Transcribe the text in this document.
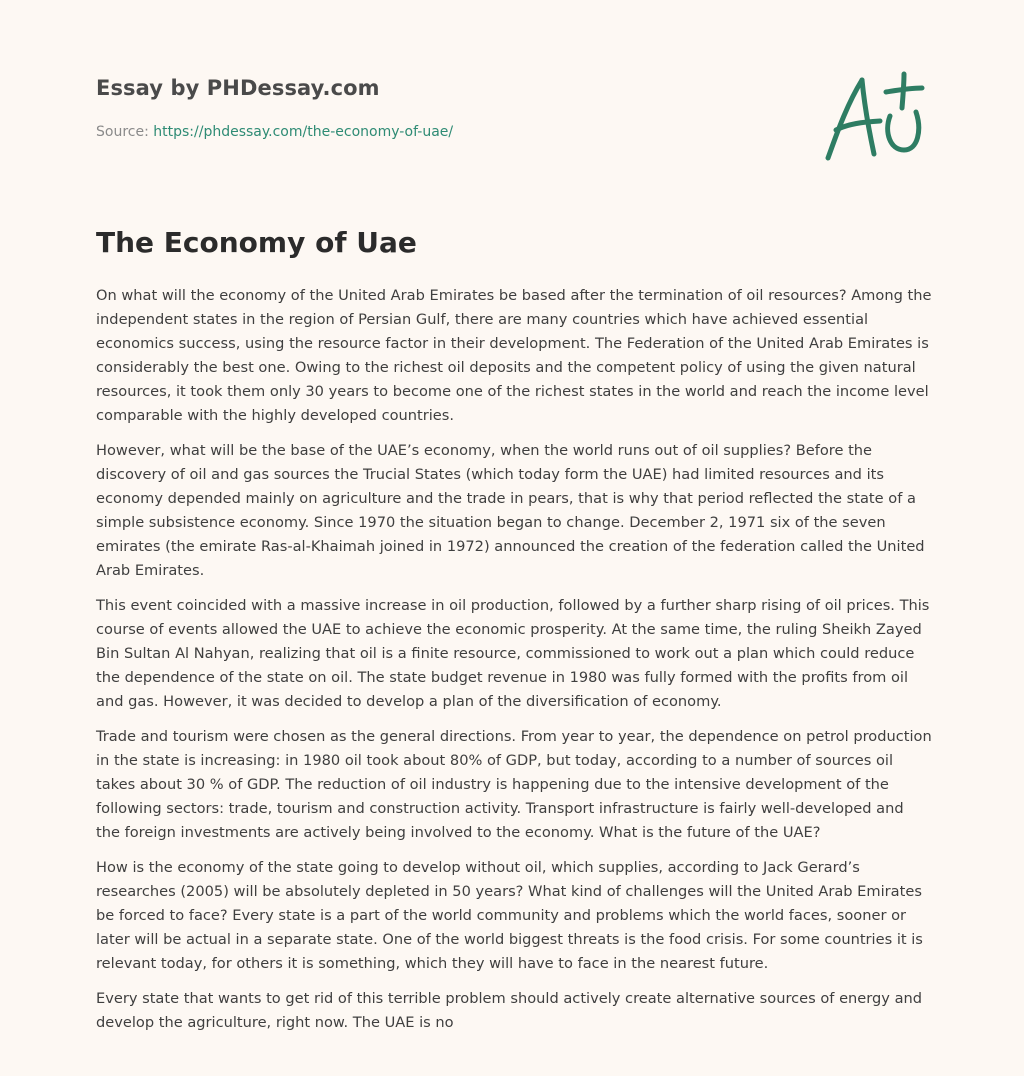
Essay by PHDessay.com
Source: https://phdessay.com/the-economy-of-uae/
The Economy of Uae

On what will the economy of the United Arab Emirates be based after the termination of oil resources? Among the independent states in the region of Persian Gulf, there are many countries which have achieved essential economics success, using the resource factor in their development. The Federation of the United Arab Emirates is considerably the best one. Owing to the richest oil deposits and the competent policy of using the given natural resources, it took them only 30 years to become one of the richest states in the world and reach the income level comparable with the highly developed countries.

However, what will be the base of the UAE’s economy, when the world runs out of oil supplies? Before the discovery of oil and gas sources the Trucial States (which today form the UAE) had limited resources and its economy depended mainly on agriculture and the trade in pears, that is why that period reflected the state of a simple subsistence economy. Since 1970 the situation began to change. December 2, 1971 six of the seven emirates (the emirate Ras-al-Khaimah joined in 1972) announced the creation of the federation called the United Arab Emirates.

This event coincided with a massive increase in oil production, followed by a further sharp rising of oil prices. This course of events allowed the UAE to achieve the economic prosperity. At the same time, the ruling Sheikh Zayed Bin Sultan Al Nahyan, realizing that oil is a finite resource, commissioned to work out a plan which could reduce the dependence of the state on oil. The state budget revenue in 1980 was fully formed with the profits from oil and gas. However, it was decided to develop a plan of the diversification of economy.

Trade and tourism were chosen as the general directions. From year to year, the dependence on petrol production in the state is increasing: in 1980 oil took about 80% of GDP, but today, according to a number of sources oil takes about 30 % of GDP. The reduction of oil industry is happening due to the intensive development of the following sectors: trade, tourism and construction activity. Transport infrastructure is fairly well-developed and the foreign investments are actively being involved to the economy. What is the future of the UAE?

How is the economy of the state going to develop without oil, which supplies, according to Jack Gerard’s researches (2005) will be absolutely depleted in 50 years? What kind of challenges will the United Arab Emirates be forced to face? Every state is a part of the world community and problems which the world faces, sooner or later will be actual in a separate state. One of the world biggest threats is the food crisis. For some countries it is relevant today, for others it is something, which they will have to face in the nearest future.

Every state that wants to get rid of this terrible problem should actively create alternative sources of energy and develop the agriculture, right now. The UAE is no
